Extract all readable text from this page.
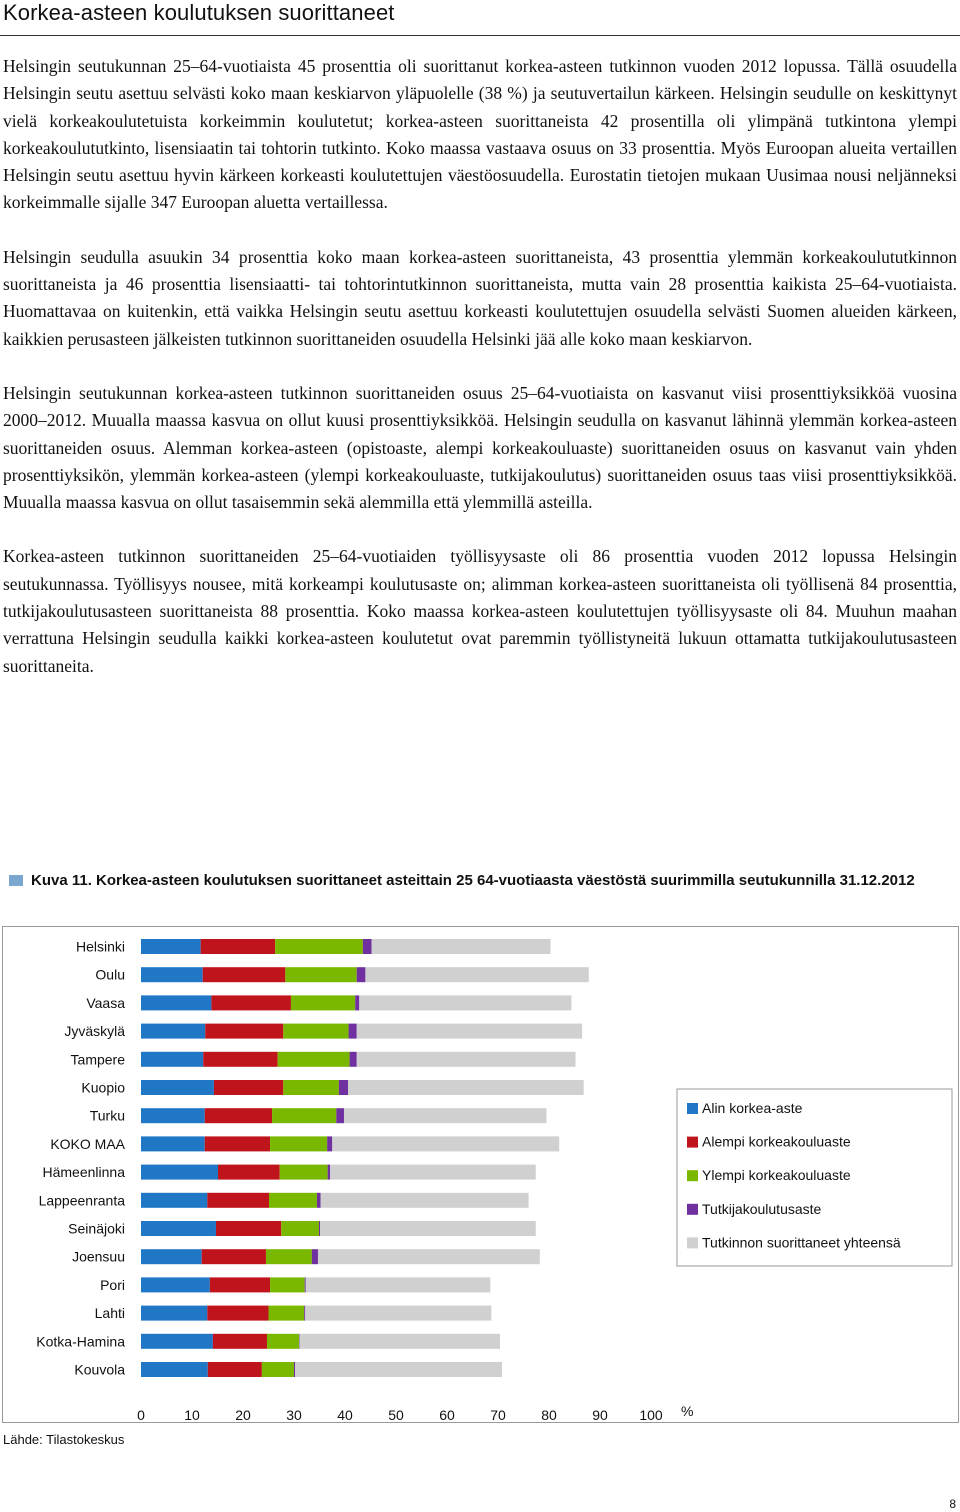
Korkea-asteen koulutuksen suorittaneet

Helsingin seutukunnan 25–64-vuotiaista 45 prosenttia oli suorittanut korkea-asteen tutkinnon vuoden 2012 lopussa. Tällä osuudella Helsingin seutu asettuu selvästi koko maan keskiarvon yläpuolelle (38 %) ja seutuvertailun kärkeen. Helsingin seudulle on keskittynyt vielä korkeakoulutetuista korkeimmin koulutetut; korkea-asteen suorittaneista 42 prosentilla oli ylimpänä tutkintona ylempi korkeakoulututkinto, lisensiaatin tai tohtorin tutkinto. Koko maassa vastaava osuus on 33 prosenttia. Myös Euroopan alueita vertaillen Helsingin seutu asettuu hyvin kärkeen korkeasti koulutettujen väestöosuudella. Eurostatin tietojen mukaan Uusimaa nousi neljänneksi korkeimmalle sijalle 347 Euroopan aluetta vertaillessa.

Helsingin seudulla asuukin 34 prosenttia koko maan korkea-asteen suorittaneista, 43 prosenttia ylemmän korkeakoulututkinnon suorittaneista ja 46 prosenttia lisensiaatti- tai tohtorintutkinnon suorittaneista, mutta vain 28 prosenttia kaikista 25–64-vuotiaista. Huomattavaa on kuitenkin, että vaikka Helsingin seutu asettuu korkeasti koulutettujen osuudella selvästi Suomen alueiden kärkeen, kaikkien perusasteen jälkeisten tutkinnon suorittaneiden osuudella Helsinki jää alle koko maan keskiarvon.

Helsingin seutukunnan korkea-asteen tutkinnon suorittaneiden osuus 25–64-vuotiaista on kasvanut viisi prosenttiyksikköä vuosina 2000–2012. Muualla maassa kasvua on ollut kuusi prosenttiyksikköä. Helsingin seudulla on kasvanut lähinnä ylemmän korkea-asteen suorittaneiden osuus. Alemman korkea-asteen (opistoaste, alempi korkeakouluaste) suorittaneiden osuus on kasvanut vain yhden prosenttiyksikön, ylemmän korkea-asteen (ylempi korkeakouluaste, tutkijakoulutus) suorittaneiden osuus taas viisi prosenttiyksikköä. Muualla maassa kasvua on ollut tasaisemmin sekä alemmilla että ylemmillä asteilla.

Korkea-asteen tutkinnon suorittaneiden 25–64-vuotiaiden työllisyysaste oli 86 prosenttia vuoden 2012 lopussa Helsingin seutukunnassa. Työllisyys nousee, mitä korkeampi koulutusaste on; alimman korkea-asteen suorittaneista oli työllisenä 84 prosenttia, tutkijakoulutusasteen suorittaneista 88 prosenttia. Koko maassa korkea-asteen koulutettujen työllisyysaste oli 84. Muuhun maahan verrattuna Helsingin seudulla kaikki korkea-asteen koulutetut ovat paremmin työllistyneitä lukuun ottamatta tutkijakoulutusasteen suorittaneita.

Kuva 11. Korkea-asteen koulutuksen suorittaneet asteittain 25 64-vuotiaasta väestöstä suurimmilla seutukunnilla 31.12.2012
Helsinki
Oulu
Vaasa
Jyväskylä
Tampere
Kuopio
Turku
KOKO MAA
Hämeenlinna
Lappeenranta
Seinäjoki
Joensuu
Pori
Lahti
Kotka-Hamina
Kouvola
0	10	20	30	40	50	60	70	80	90 100 %
Alin korkea-aste
Alempi korkeakouluaste
Ylempi korkeakouluaste
Tutkijakoulutusaste
Tutkinnon suorittaneet yhteensä
Lähde: Tilastokeskus
8
